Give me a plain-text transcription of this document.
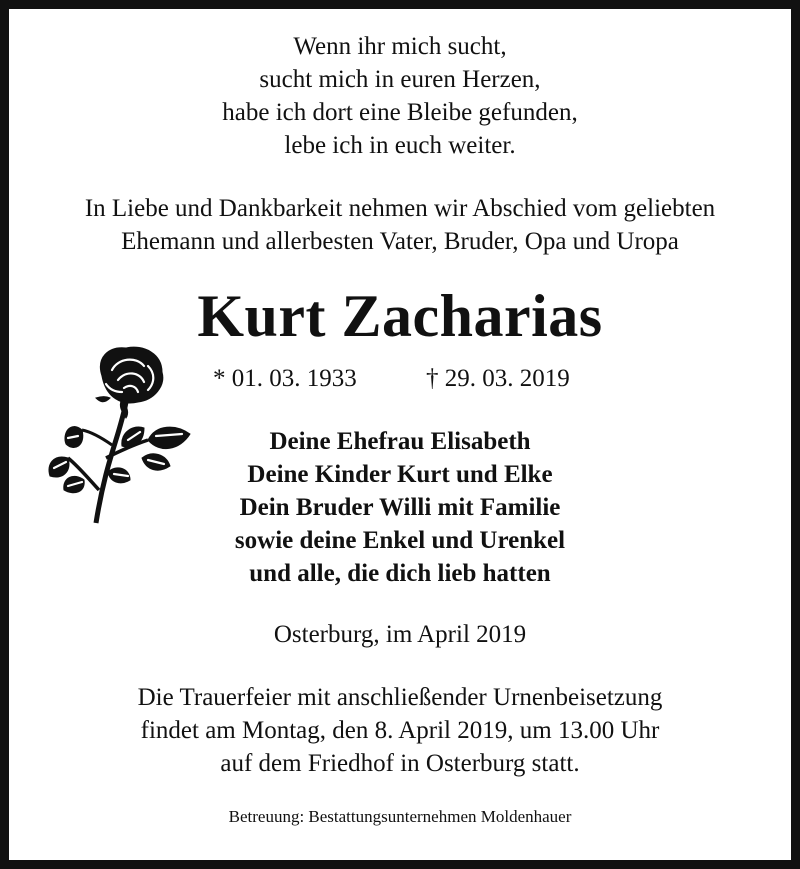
Wenn ihr mich sucht,
sucht mich in euren Herzen,
habe ich dort eine Bleibe gefunden,
lebe ich in euch weiter.
In Liebe und Dankbarkeit nehmen wir Abschied vom geliebten
Ehemann und allerbesten Vater, Bruder, Opa und Uropa
Kurt Zacharias
* 01. 03. 1933	† 29. 03. 2019
Deine Ehefrau Elisabeth
Deine Kinder Kurt und Elke
Dein Bruder Willi mit Familie
sowie deine Enkel und Urenkel
und alle, die dich lieb hatten
Osterburg, im April 2019
Die Trauerfeier mit anschließender Urnenbeisetzung
findet am Montag, den 8. April 2019, um 13.00 Uhr
auf dem Friedhof in Osterburg statt.
Betreuung: Bestattungsunternehmen Moldenhauer
